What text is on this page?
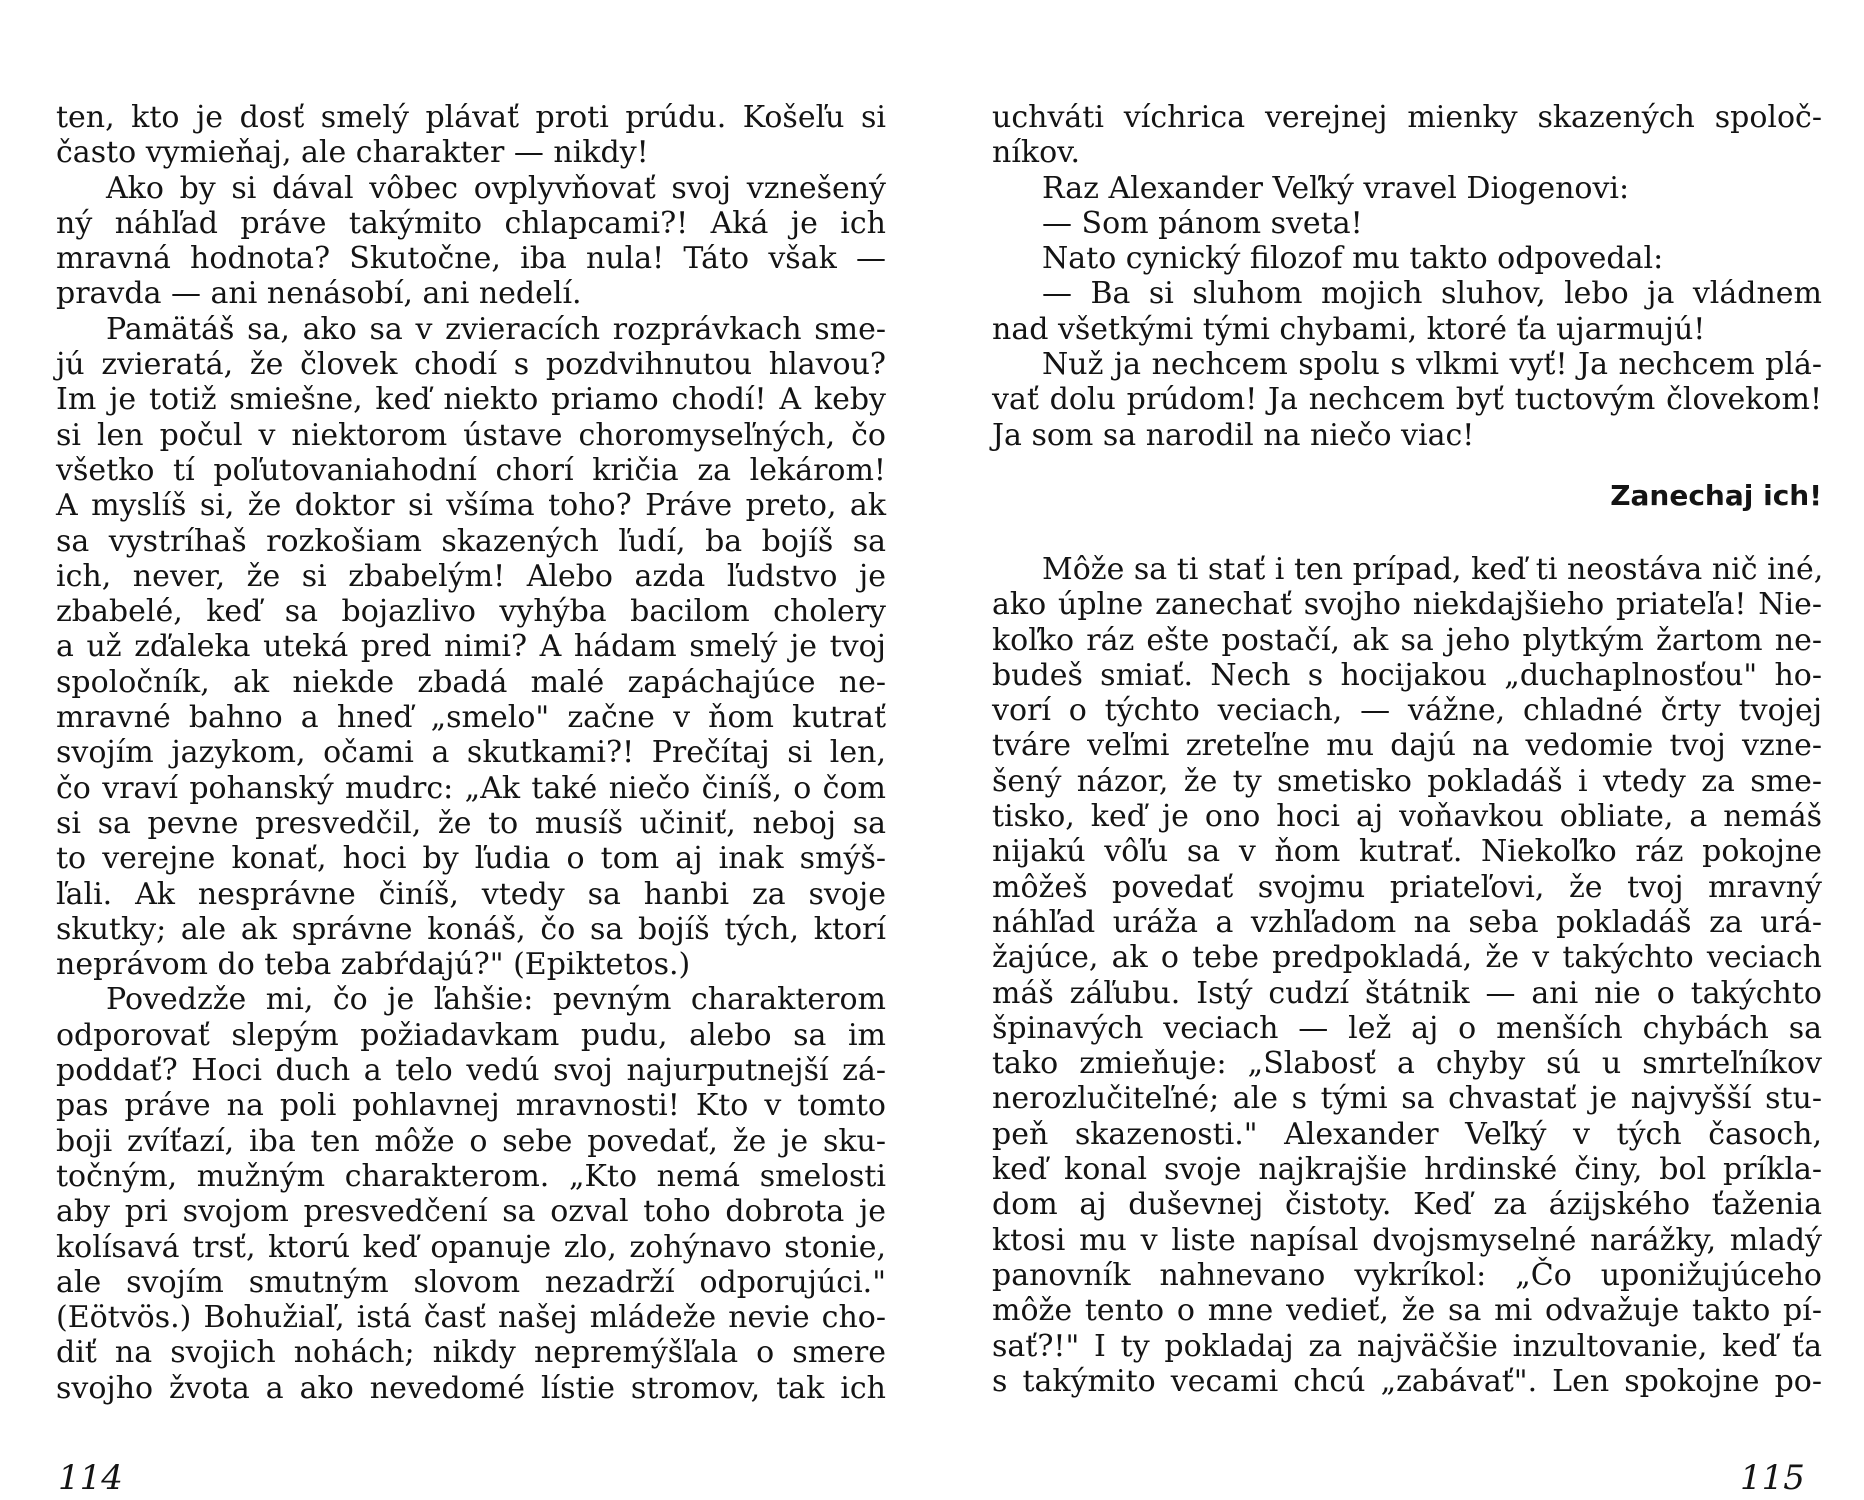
ten, kto je dosť smelý plávať proti prúdu. Košeľu si
často vymieňaj, ale charakter — nikdy!
Ako by si dával vôbec ovplyvňovať svoj vznešený
ný náhľad práve takýmito chlapcami?! Aká je ich
mravná hodnota? Skutočne, iba nula! Táto však —
pravda — ani nenásobí, ani nedelí.
Pamätáš sa, ako sa v zvieracích rozprávkach sme-
jú zvieratá, že človek chodí s pozdvihnutou hlavou?
Im je totiž smiešne, keď niekto priamo chodí! A keby
si len počul v niektorom ústave choromyseľných, čo
všetko tí poľutovaniahodní chorí kričia za lekárom!
A myslíš si, že doktor si všíma toho? Práve preto, ak
sa vystríhaš rozkošiam skazených ľudí, ba bojíš sa
ich, never, že si zbabelým! Alebo azda ľudstvo je
zbabelé, keď sa bojazlivo vyhýba bacilom cholery
a už zďaleka uteká pred nimi? A hádam smelý je tvoj
spoločník, ak niekde zbadá malé zapáchajúce ne-
mravné bahno a hneď „smelo" začne v ňom kutrať
svojím jazykom, očami a skutkami?! Prečítaj si len,
čo vraví pohanský mudrc: „Ak také niečo činíš, o čom
si sa pevne presvedčil, že to musíš učiniť, neboj sa
to verejne konať, hoci by ľudia o tom aj inak smýš-
ľali. Ak nesprávne činíš, vtedy sa hanbi za svoje
skutky; ale ak správne konáš, čo sa bojíš tých, ktorí
neprávom do teba zabŕdajú?" (Epiktetos.)
Povedzže mi, čo je ľahšie: pevným charakterom
odporovať slepým požiadavkam pudu, alebo sa im
poddať? Hoci duch a telo vedú svoj najurputnejší zá-
pas práve na poli pohlavnej mravnosti! Kto v tomto
boji zvíťazí, iba ten môže o sebe povedať, že je sku-
točným, mužným charakterom. „Kto nemá smelosti
aby pri svojom presvedčení sa ozval toho dobrota je
kolísavá trsť, ktorú keď opanuje zlo, zohýnavo stonie,
ale svojím smutným slovom nezadrží odporujúci."
(Eötvös.) Bohužiaľ, istá časť našej mládeže nevie cho-
diť na svojich nohách; nikdy nepremýšľala o smere
svojho žvota a ako nevedomé lístie stromov, tak ich

114

uchváti víchrica verejnej mienky skazených spoloč-
níkov.
Raz Alexander Veľký vravel Diogenovi:
— Som pánom sveta!
Nato cynický filozof mu takto odpovedal:
— Ba si sluhom mojich sluhov, lebo ja vládnem
nad všetkými tými chybami, ktoré ťa ujarmujú!
Nuž ja nechcem spolu s vlkmi vyť! Ja nechcem plá-
vať dolu prúdom! Ja nechcem byť tuctovým človekom!
Ja som sa narodil na niečo viac!
Zanechaj ich!
Môže sa ti stať i ten prípad, keď ti neostáva nič iné,
ako úplne zanechať svojho niekdajšieho priateľa! Nie-
koľko ráz ešte postačí, ak sa jeho plytkým žartom ne-
budeš smiať. Nech s hocijakou „duchaplnosťou" ho-
vorí o týchto veciach, — vážne, chladné črty tvojej
tváre veľmi zreteľne mu dajú na vedomie tvoj vzne-
šený názor, že ty smetisko pokladáš i vtedy za sme-
tisko, keď je ono hoci aj voňavkou obliate, a nemáš
nijakú vôľu sa v ňom kutrať. Niekoľko ráz pokojne
môžeš povedať svojmu priateľovi, že tvoj mravný
náhľad uráža a vzhľadom na seba pokladáš za urá-
žajúce, ak o tebe predpokladá, že v takýchto veciach
máš záľubu. Istý cudzí štátnik — ani nie o takýchto
špinavých veciach — lež aj o menších chybách sa
tako zmieňuje: „Slabosť a chyby sú u smrteľníkov
nerozlučiteľné; ale s tými sa chvastať je najvyšší stu-
peň skazenosti." Alexander Veľký v tých časoch,
keď konal svoje najkrajšie hrdinské činy, bol príkla-
dom aj duševnej čistoty. Keď za ázijského ťaženia
ktosi mu v liste napísal dvojsmyselné narážky, mladý
panovník nahnevano vykríkol: „Čo uponižujúceho
môže tento o mne vedieť, že sa mi odvažuje takto pí-
sať?!" I ty pokladaj za najväčšie inzultovanie, keď ťa
s takýmito vecami chcú „zabávať". Len spokojne po-

115
